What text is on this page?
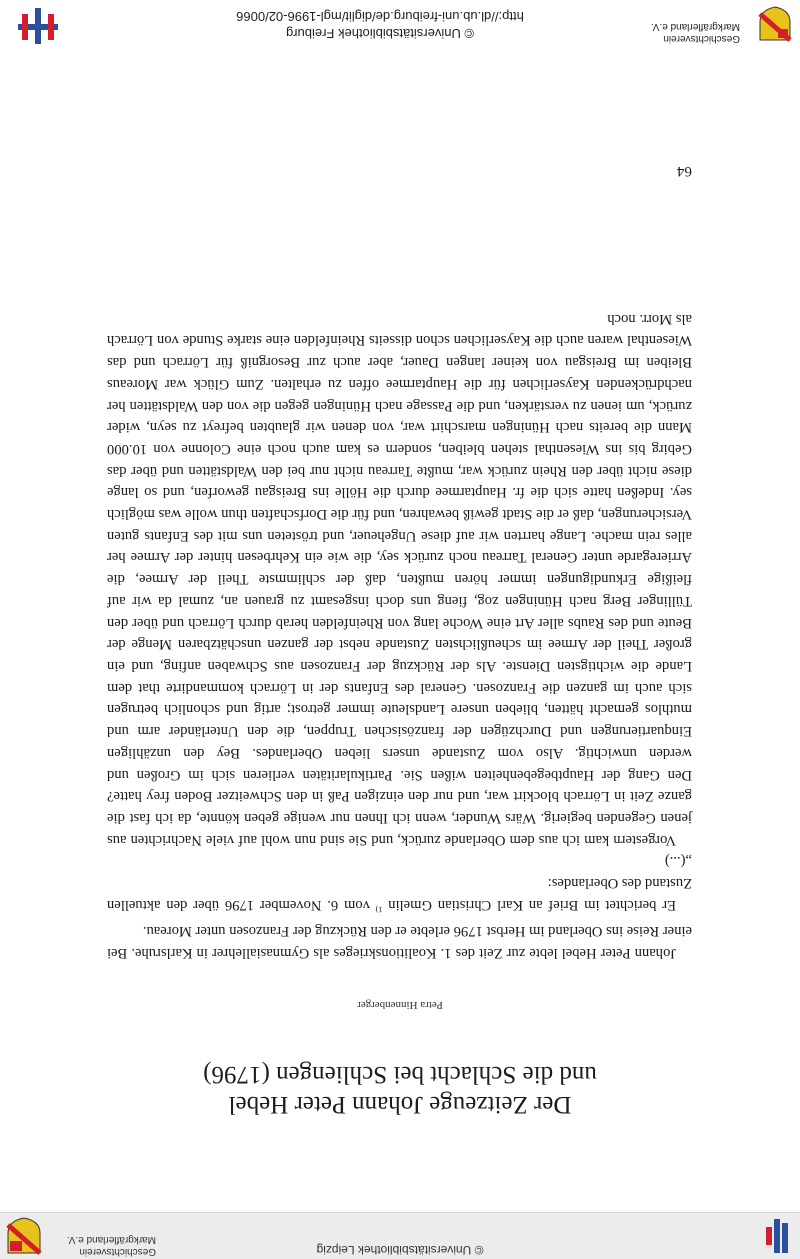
© Universitätsbibliothek Leipzig
Geschichtsverein Markgräflerland e.V.
Der Zeitzeuge Johann Peter Hebel
und die Schlacht bei Schliengen (1796)
Petra Hinnenberger

Johann Peter Hebel lebte zur Zeit des 1. Koalitionskrieges als Gymnasiallehrer in Karlsruhe. Bei einer Reise ins Oberland im Herbst 1796 erlebte er den Rückzug der Franzosen unter Moreau.

Er berichtet im Brief an Karl Christian Gmelin $^{1)}$ vom 6. November 1796 über den aktuellen Zustand des Oberlandes:

„(...)

Vorgestern kam ich aus dem Oberlande zurück, und Sie sind nun wohl auf viele Nachrichten aus jenen Gegenden begierig. Wärs Wunder, wenn ich Ihnen nur wenige geben könnte, da ich fast die ganze Zeit in Lörrach blockirt war, und nur den einzigen Paß in den Schweitzer Boden frey hatte? Den Gang der Hauptbegebenheiten wißen Sie. Partikularitäten verlieren sich im Großen und werden unwichtig. Also vom Zustande unsers lieben Oberlandes. Bey den unzähligen Einquartierungen und Durchzügen der französischen Truppen, die den Unterländer arm und muthlos gemacht hätten, blieben unsere Landsleute immer getrost; artig und schonlich betrugen sich auch im ganzen die Franzosen. General des Enfants der in Lörrach kommandirte that dem Lande die wichtigsten Dienste. Als der Rückzug der Franzosen aus Schwaben anfing, und ein großer Theil der Armee im scheußlichsten Zustande nebst der ganzen unschätzbaren Menge der Beute und des Raubs aller Art eine Woche lang von Rheinfelden herab durch Lörrach und über den Tüllinger Berg nach Hüningen zog, fieng uns doch insgesamt zu grauen an, zumal da wir auf fleißige Erkundigungen immer hören mußten, daß der schlimmste Theil der Armee, die Arrieregarde unter General Tarreau noch zurück sey, die wie ein Kehrbesen hinter der Armee her alles rein mache. Lange harrten wir auf diese Ungeheuer, und trösteten uns mit des Enfants guten Versicherungen, daß er die Stadt gewiß bewahren, und für die Dorfschaften thun wolle was möglich sey. Indeßen hatte sich die fr. Hauptarmee durch die Hölle ins Breisgau geworfen, und so lange diese nicht über den Rhein zurück war, mußte Tarreau nicht nur bei den Waldstätten und über das Gebirg bis ins Wiesenthal stehen bleiben, sondern es kam auch noch eine Colonne von 10.000 Mann die bereits nach Hüningen marschirt war, von denen wir glaubten befreyt zu seyn, wider zurück, um ienen zu verstärken, und die Passage nach Hüningen gegen die von den Waldstätten her nachdrückenden Kayserlichen für die Hauptarmee offen zu erhalten. Zum Glück war Moreaus Bleiben im Breisgau von keiner langen Dauer, aber auch zur Besorgniß für Lörrach und das Wiesenthal waren auch die Kayserlichen schon disseits Rheinfelden eine starke Stunde von Lörrach als Morr. noch

64
Geschichtsverein Markgräflerland e.V.
© Universitätsbibliothek Freiburg
http://dl.ub.uni-freiburg.de/diglit/mgl-1996-02/0066
